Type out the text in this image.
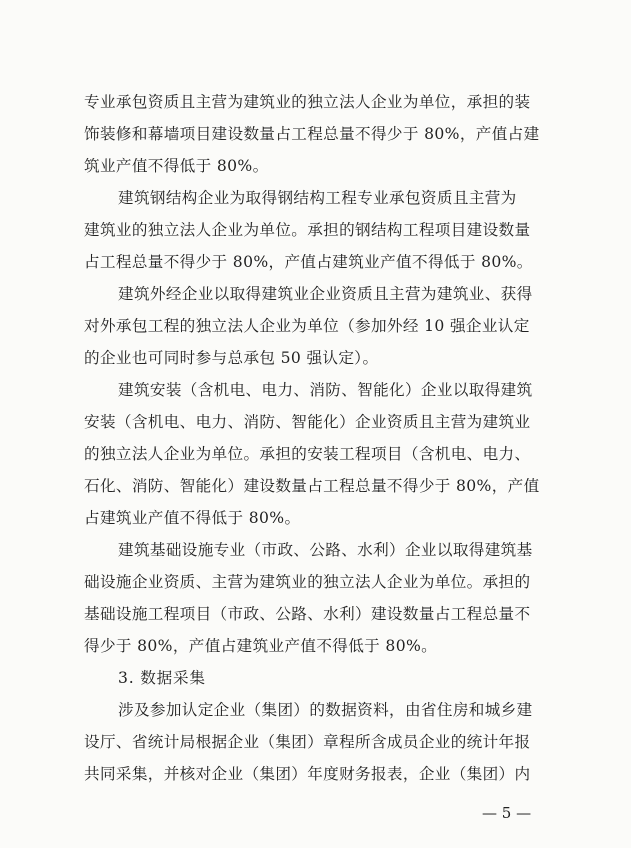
专业承包资质且主营为建筑业的独立法人企业为单位，承担的装
饰装修和幕墙项目建设数量占工程总量不得少于 80%，产值占建
筑业产值不得低于 80%。
建筑钢结构企业为取得钢结构工程专业承包资质且主营为
建筑业的独立法人企业为单位。承担的钢结构工程项目建设数量
占工程总量不得少于 80%，产值占建筑业产值不得低于 80%。
建筑外经企业以取得建筑业企业资质且主营为建筑业、获得
对外承包工程的独立法人企业为单位（参加外经 10 强企业认定
的企业也可同时参与总承包 50 强认定）。
建筑安装（含机电、电力、消防、智能化）企业以取得建筑
安装（含机电、电力、消防、智能化）企业资质且主营为建筑业
的独立法人企业为单位。承担的安装工程项目（含机电、电力、
石化、消防、智能化）建设数量占工程总量不得少于 80%，产值
占建筑业产值不得低于 80%。
建筑基础设施专业（市政、公路、水利）企业以取得建筑基
础设施企业资质、主营为建筑业的独立法人企业为单位。承担的
基础设施工程项目（市政、公路、水利）建设数量占工程总量不
得少于 80%，产值占建筑业产值不得低于 80%。
3. 数据采集
涉及参加认定企业（集团）的数据资料，由省住房和城乡建
设厅、省统计局根据企业（集团）章程所含成员企业的统计年报
共同采集，并核对企业（集团）年度财务报表，企业（集团）内
— 5 —
